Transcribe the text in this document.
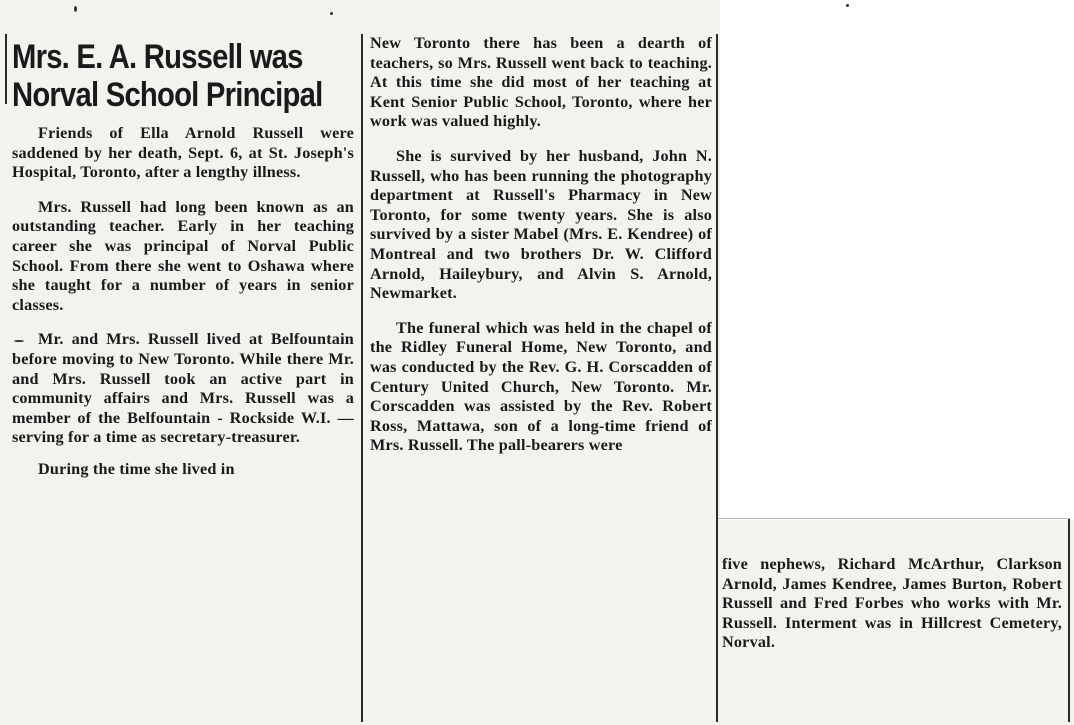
Mrs. E. A. Russell was
Norval School Principal

Friends of Ella Arnold Russell were saddened by her death, Sept. 6, at St. Joseph's Hospital, Toronto, after a lengthy illness.

Mrs. Russell had long been known as an outstanding teacher. Early in her teaching career she was principal of Norval Public School. From there she went to Oshawa where she taught for a number of years in senior classes.

Mr. and Mrs. Russell lived at Belfountain before moving to New Toronto. While there Mr. and Mrs. Russell took an active part in community affairs and Mrs. Russell was a member of the Belfountain - Rockside W.I. — serving for a time as secretary-treasurer.

During the time she lived in

New Toronto there has been a dearth of teachers, so Mrs. Russell went back to teaching. At this time she did most of her teaching at Kent Senior Public School, Toronto, where her work was valued highly.

She is survived by her husband, John N. Russell, who has been running the photography department at Russell's Pharmacy in New Toronto, for some twenty years. She is also survived by a sister Mabel (Mrs. E. Kendree) of Montreal and two brothers Dr. W. Clifford Arnold, Haileybury, and Alvin S. Arnold, Newmarket.

The funeral which was held in the chapel of the Ridley Funeral Home, New Toronto, and was conducted by the Rev. G. H. Corscadden of Century United Church, New Toronto. Mr. Corscadden was assisted by the Rev. Robert Ross, Mattawa, son of a long-time friend of Mrs. Russell. The pall-bearers were

five nephews, Richard McArthur, Clarkson Arnold, James Kendree, James Burton, Robert Russell and Fred Forbes who works with Mr. Russell. Interment was in Hillcrest Cemetery, Norval.
